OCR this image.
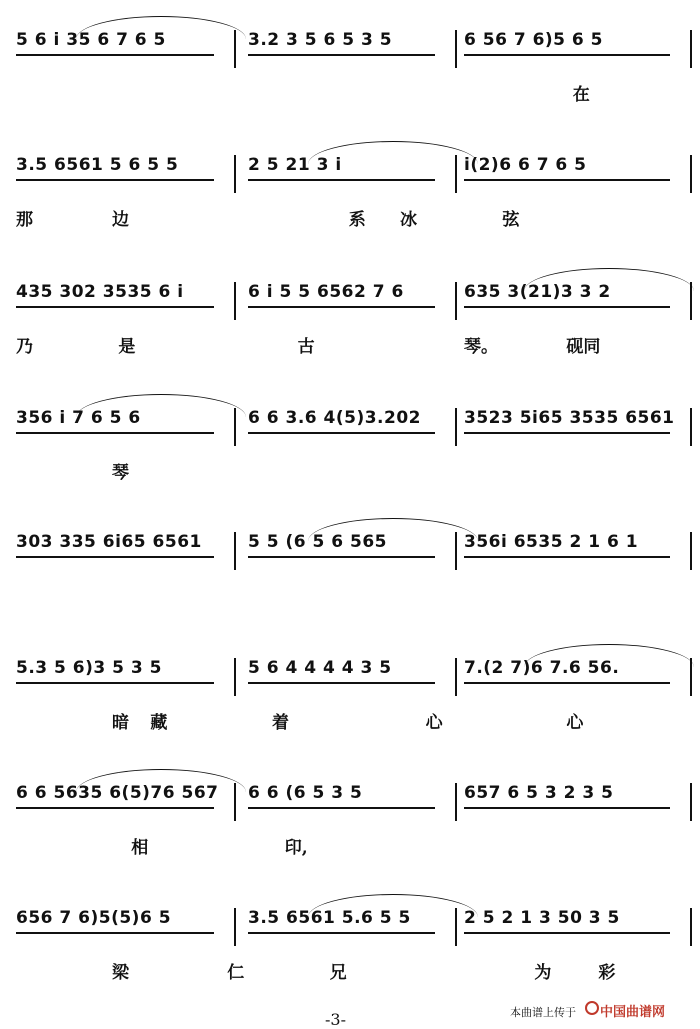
5 6 i 35 6 7 6 5	3.2 3 5 6 5 3 5	6 56 7 6)5 6 5
在
3.5 6561 5 6 5 5	2 5 21 3 i	i(2)6 6 7 6 5
那	边	系 冰	弦
435 302 3535 6 i	6 i 5 5 6562 7 6	635 3(21)3 3 2
乃	是	古	琴。	砚同
356 i 7 6 5 6	6 6 3.6 4(5)3.202	3523 5i65 3535 6561
琴
303 335 6i65 6561	5 5 (6 5 6 565	356i 6535 2 1 6 1
5.3 5 6)3 5 3 5	5 6 4 4 4 4 3 5	7.(2 7)6 7.6 56.
暗 藏	着	心	心
6 6 5635 6(5)76 567	6 6 (6 5 3 5	657 6 5 3 2 3 5
相	印,
656 7 6)5(5)6 5	3.5 6561 5.6 5 5	2 5 2 1 3 50 3 5
梁	仁	兄	为	彩
-3-	本曲谱上传于 中国曲谱网
